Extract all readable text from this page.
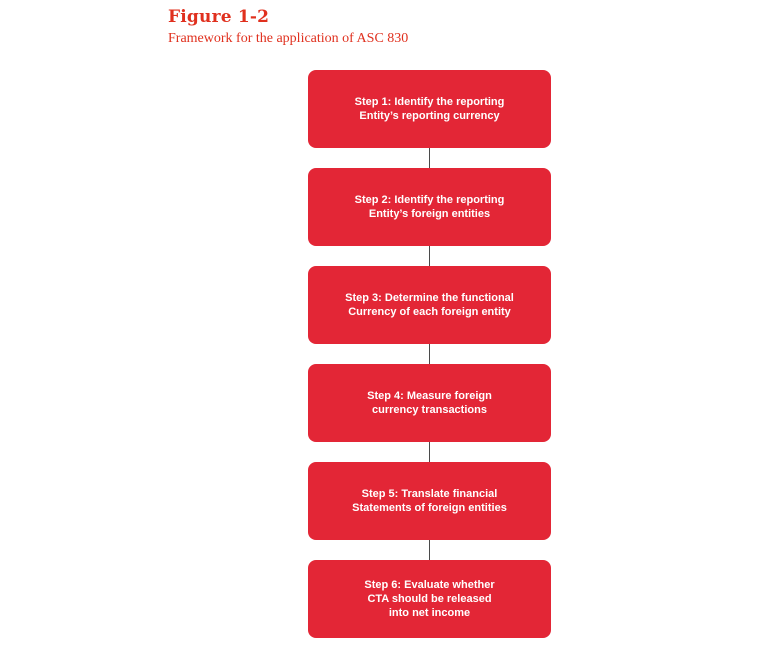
Figure 1-2
Framework for the application of ASC 830
Step 1: Identify the reporting
Entity’s reporting currency
Step 2: Identify the reporting
Entity’s foreign entities
Step 3: Determine the functional
Currency of each foreign entity
Step 4: Measure foreign
currency transactions
Step 5: Translate financial
Statements of foreign entities
Step 6: Evaluate whether
CTA should be released
into net income
